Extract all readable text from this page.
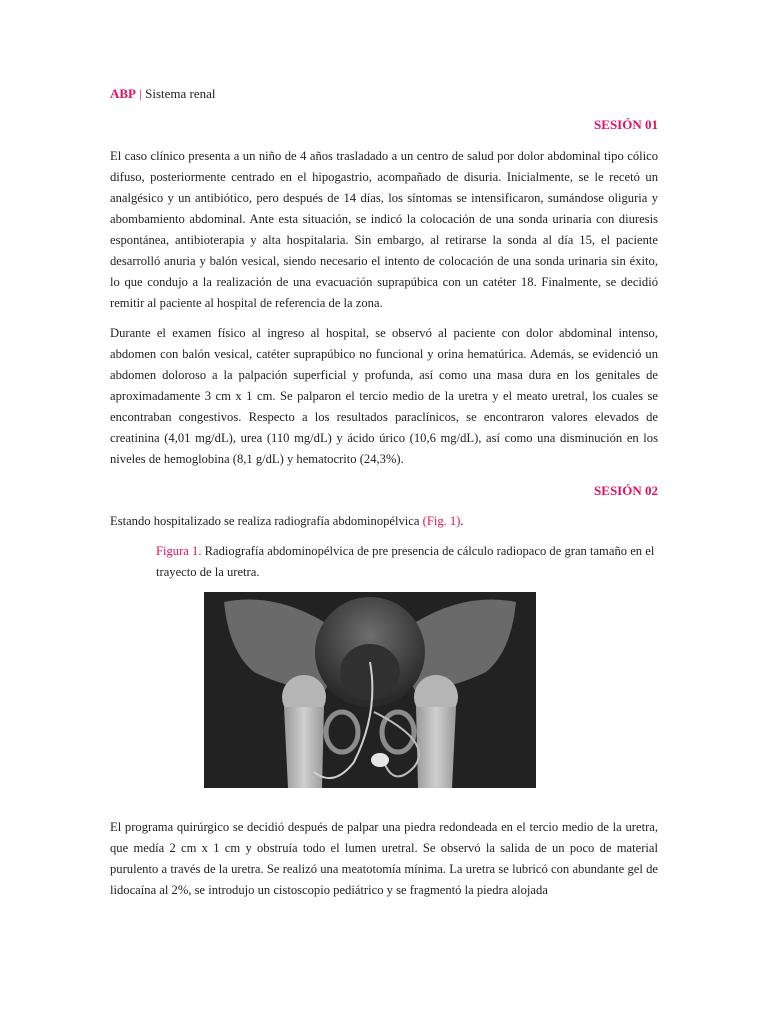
ABP | Sistema renal
SESIÓN 01

El caso clínico presenta a un niño de 4 años trasladado a un centro de salud por dolor abdominal tipo cólico difuso, posteriormente centrado en el hipogastrio, acompañado de disuria. Inicialmente, se le recetó un analgésico y un antibiótico, pero después de 14 días, los síntomas se intensificaron, sumándose oliguria y abombamiento abdominal. Ante esta situación, se indicó la colocación de una sonda urinaria con diuresis espontánea, antibioterapia y alta hospitalaria. Sin embargo, al retirarse la sonda al día 15, el paciente desarrolló anuria y balón vesical, siendo necesario el intento de colocación de una sonda urinaria sin éxito, lo que condujo a la realización de una evacuación suprapúbica con un catéter 18. Finalmente, se decidió remitir al paciente al hospital de referencia de la zona.

Durante el examen físico al ingreso al hospital, se observó al paciente con dolor abdominal intenso, abdomen con balón vesical, catéter suprapúbico no funcional y orina hematúrica. Además, se evidenció un abdomen doloroso a la palpación superficial y profunda, así como una masa dura en los genitales de aproximadamente 3 cm x 1 cm. Se palparon el tercio medio de la uretra y el meato uretral, los cuales se encontraban congestivos. Respecto a los resultados paraclínicos, se encontraron valores elevados de creatinina (4,01 mg/dL), urea (110 mg/dL) y ácido úrico (10,6 mg/dL), así como una disminución en los niveles de hemoglobina (8,1 g/dL) y hematocrito (24,3%).

SESIÓN 02

Estando hospitalizado se realiza radiografía abdominopélvica (Fig. 1).

Figura 1. Radiografía abdominopélvica de pre presencia de cálculo radiopaco de gran tamaño en el trayecto de la uretra.

El programa quirúrgico se decidió después de palpar una piedra redondeada en el tercio medio de la uretra, que medía 2 cm x 1 cm y obstruía todo el lumen uretral. Se observó la salida de un poco de material purulento a través de la uretra. Se realizó una meatotomía mínima. La uretra se lubricó con abundante gel de lidocaína al 2%, se introdujo un cistoscopio pediátrico y se fragmentó la piedra alojada
